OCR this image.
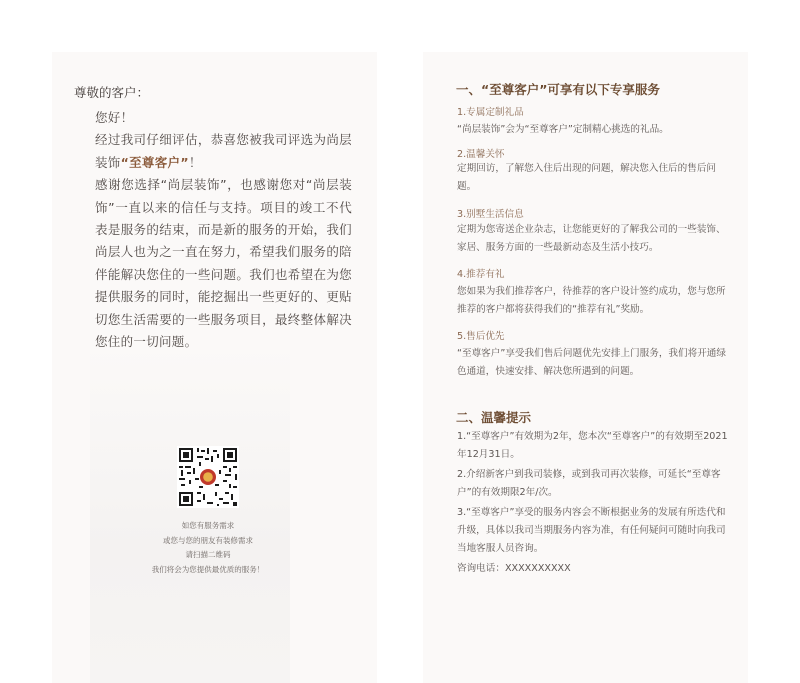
尊敬的客户：

您好！

经过我司仔细评估，恭喜您被我司评选为尚层装饰“至尊客户”！

感谢您选择“尚层装饰”，也感谢您对“尚层装饰”一直以来的信任与支持。项目的竣工不代表是服务的结束，而是新的服务的开始，我们尚层人也为之一直在努力，希望我们服务的陪伴能解决您住的一些问题。我们也希望在为您提供服务的同时，能挖掘出一些更好的、更贴切您生活需要的一些服务项目，最终整体解决您住的一切问题。

如您有服务需求
或您与您的朋友有装修需求
请扫描二维码
我们将会为您提供最优质的服务！
一、“至尊客户”可享有以下专享服务
1.专属定制礼品
“尚层装饰”会为“至尊客户”定制精心挑选的礼品。
2.温馨关怀
定期回访，了解您入住后出现的问题，解决您入住后的售后问题。
3.别墅生活信息
定期为您寄送企业杂志，让您能更好的了解我公司的一些装饰、家居、服务方面的一些最新动态及生活小技巧。
4.推荐有礼
您如果为我们推荐客户，待推荐的客户设计签约成功，您与您所推荐的客户都将获得我们的“推荐有礼”奖励。
5.售后优先
“至尊客户”享受我们售后问题优先安排上门服务，我们将开通绿色通道，快速安排、解决您所遇到的问题。
二、温馨提示

1.“至尊客户”有效期为2年，您本次“至尊客户”的有效期至2021年12月31日。

2.介绍新客户到我司装修，或到我司再次装修，可延长“至尊客户”的有效期限2年/次。

3.“至尊客户”享受的服务内容会不断根据业务的发展有所迭代和升级，具体以我司当期服务内容为准，有任何疑问可随时向我司当地客服人员咨询。

咨询电话：XXXXXXXXXX
